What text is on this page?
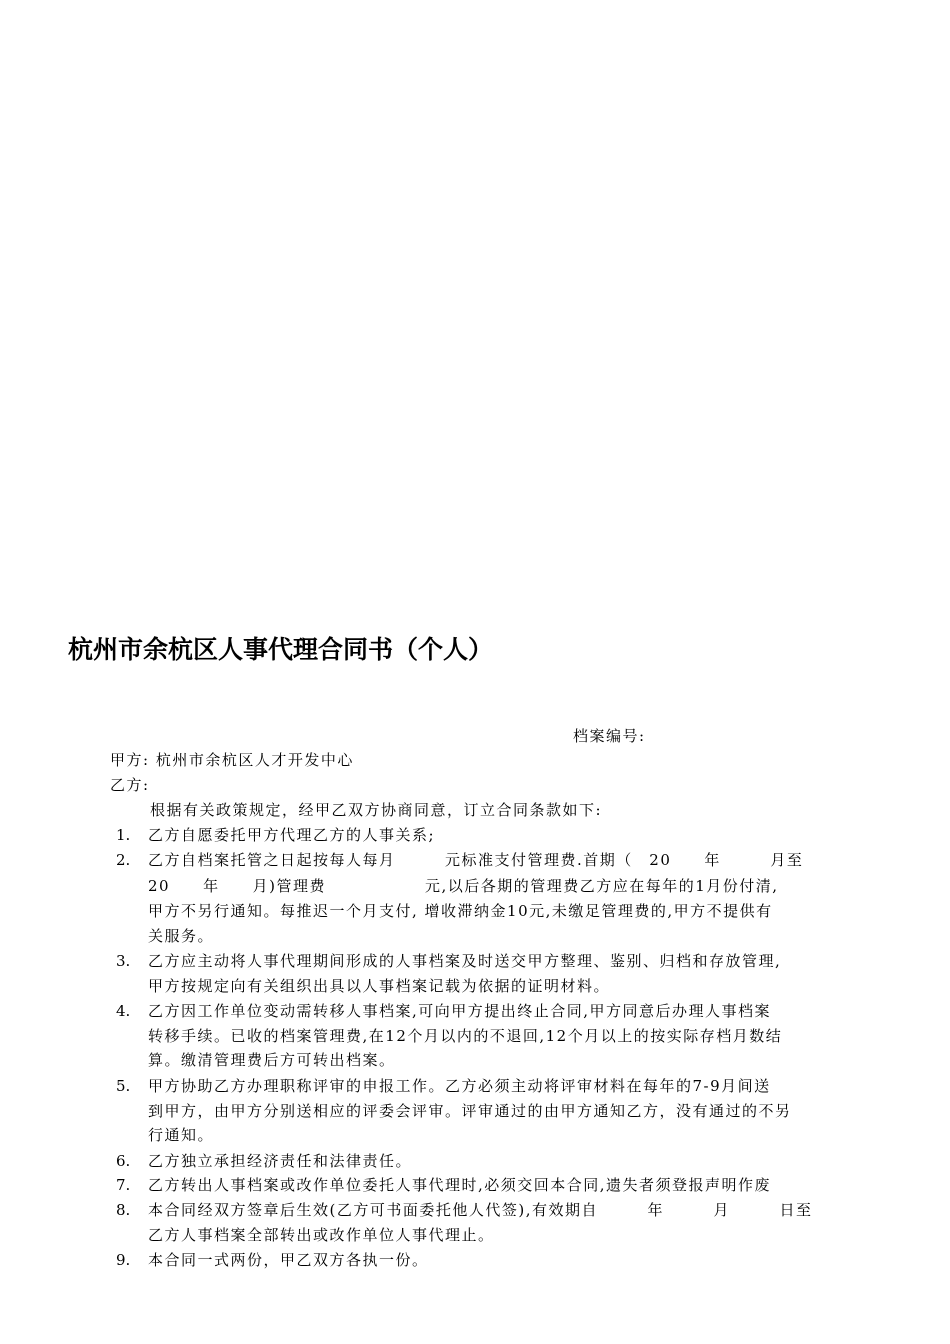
杭州市余杭区人事代理合同书（个人）
档案编号:
甲方: 杭州市余杭区人才开发中心
乙方:
根据有关政策规定，经甲乙双方协商同意，订立合同条款如下:
1. 乙方自愿委托甲方代理乙方的人事关系;
2. 乙方自档案托管之日起按每人每月　　　元标准支付管理费.首期（　20　　年　　　月至
20　　年　　月)管理费　　　　　　元,以后各期的管理费乙方应在每年的1月份付清,
甲方不另行通知。每推迟一个月支付, 增收滞纳金10元,未缴足管理费的,甲方不提供有
关服务。
3. 乙方应主动将人事代理期间形成的人事档案及时送交甲方整理、鉴别、归档和存放管理,
甲方按规定向有关组织出具以人事档案记载为依据的证明材料。
4. 乙方因工作单位变动需转移人事档案,可向甲方提出终止合同,甲方同意后办理人事档案
转移手续。已收的档案管理费,在12个月以内的不退回,12个月以上的按实际存档月数结
算。缴清管理费后方可转出档案。
5. 甲方协助乙方办理职称评审的申报工作。乙方必须主动将评审材料在每年的7-9月间送
到甲方，由甲方分别送相应的评委会评审。评审通过的由甲方通知乙方，没有通过的不另
行通知。
6. 乙方独立承担经济责任和法律责任。
7. 乙方转出人事档案或改作单位委托人事代理时,必须交回本合同,遗失者须登报声明作废
8. 本合同经双方签章后生效(乙方可书面委托他人代签),有效期自　　　年　　　月　　　日至
乙方人事档案全部转出或改作单位人事代理止。
9. 本合同一式两份，甲乙双方各执一份。
